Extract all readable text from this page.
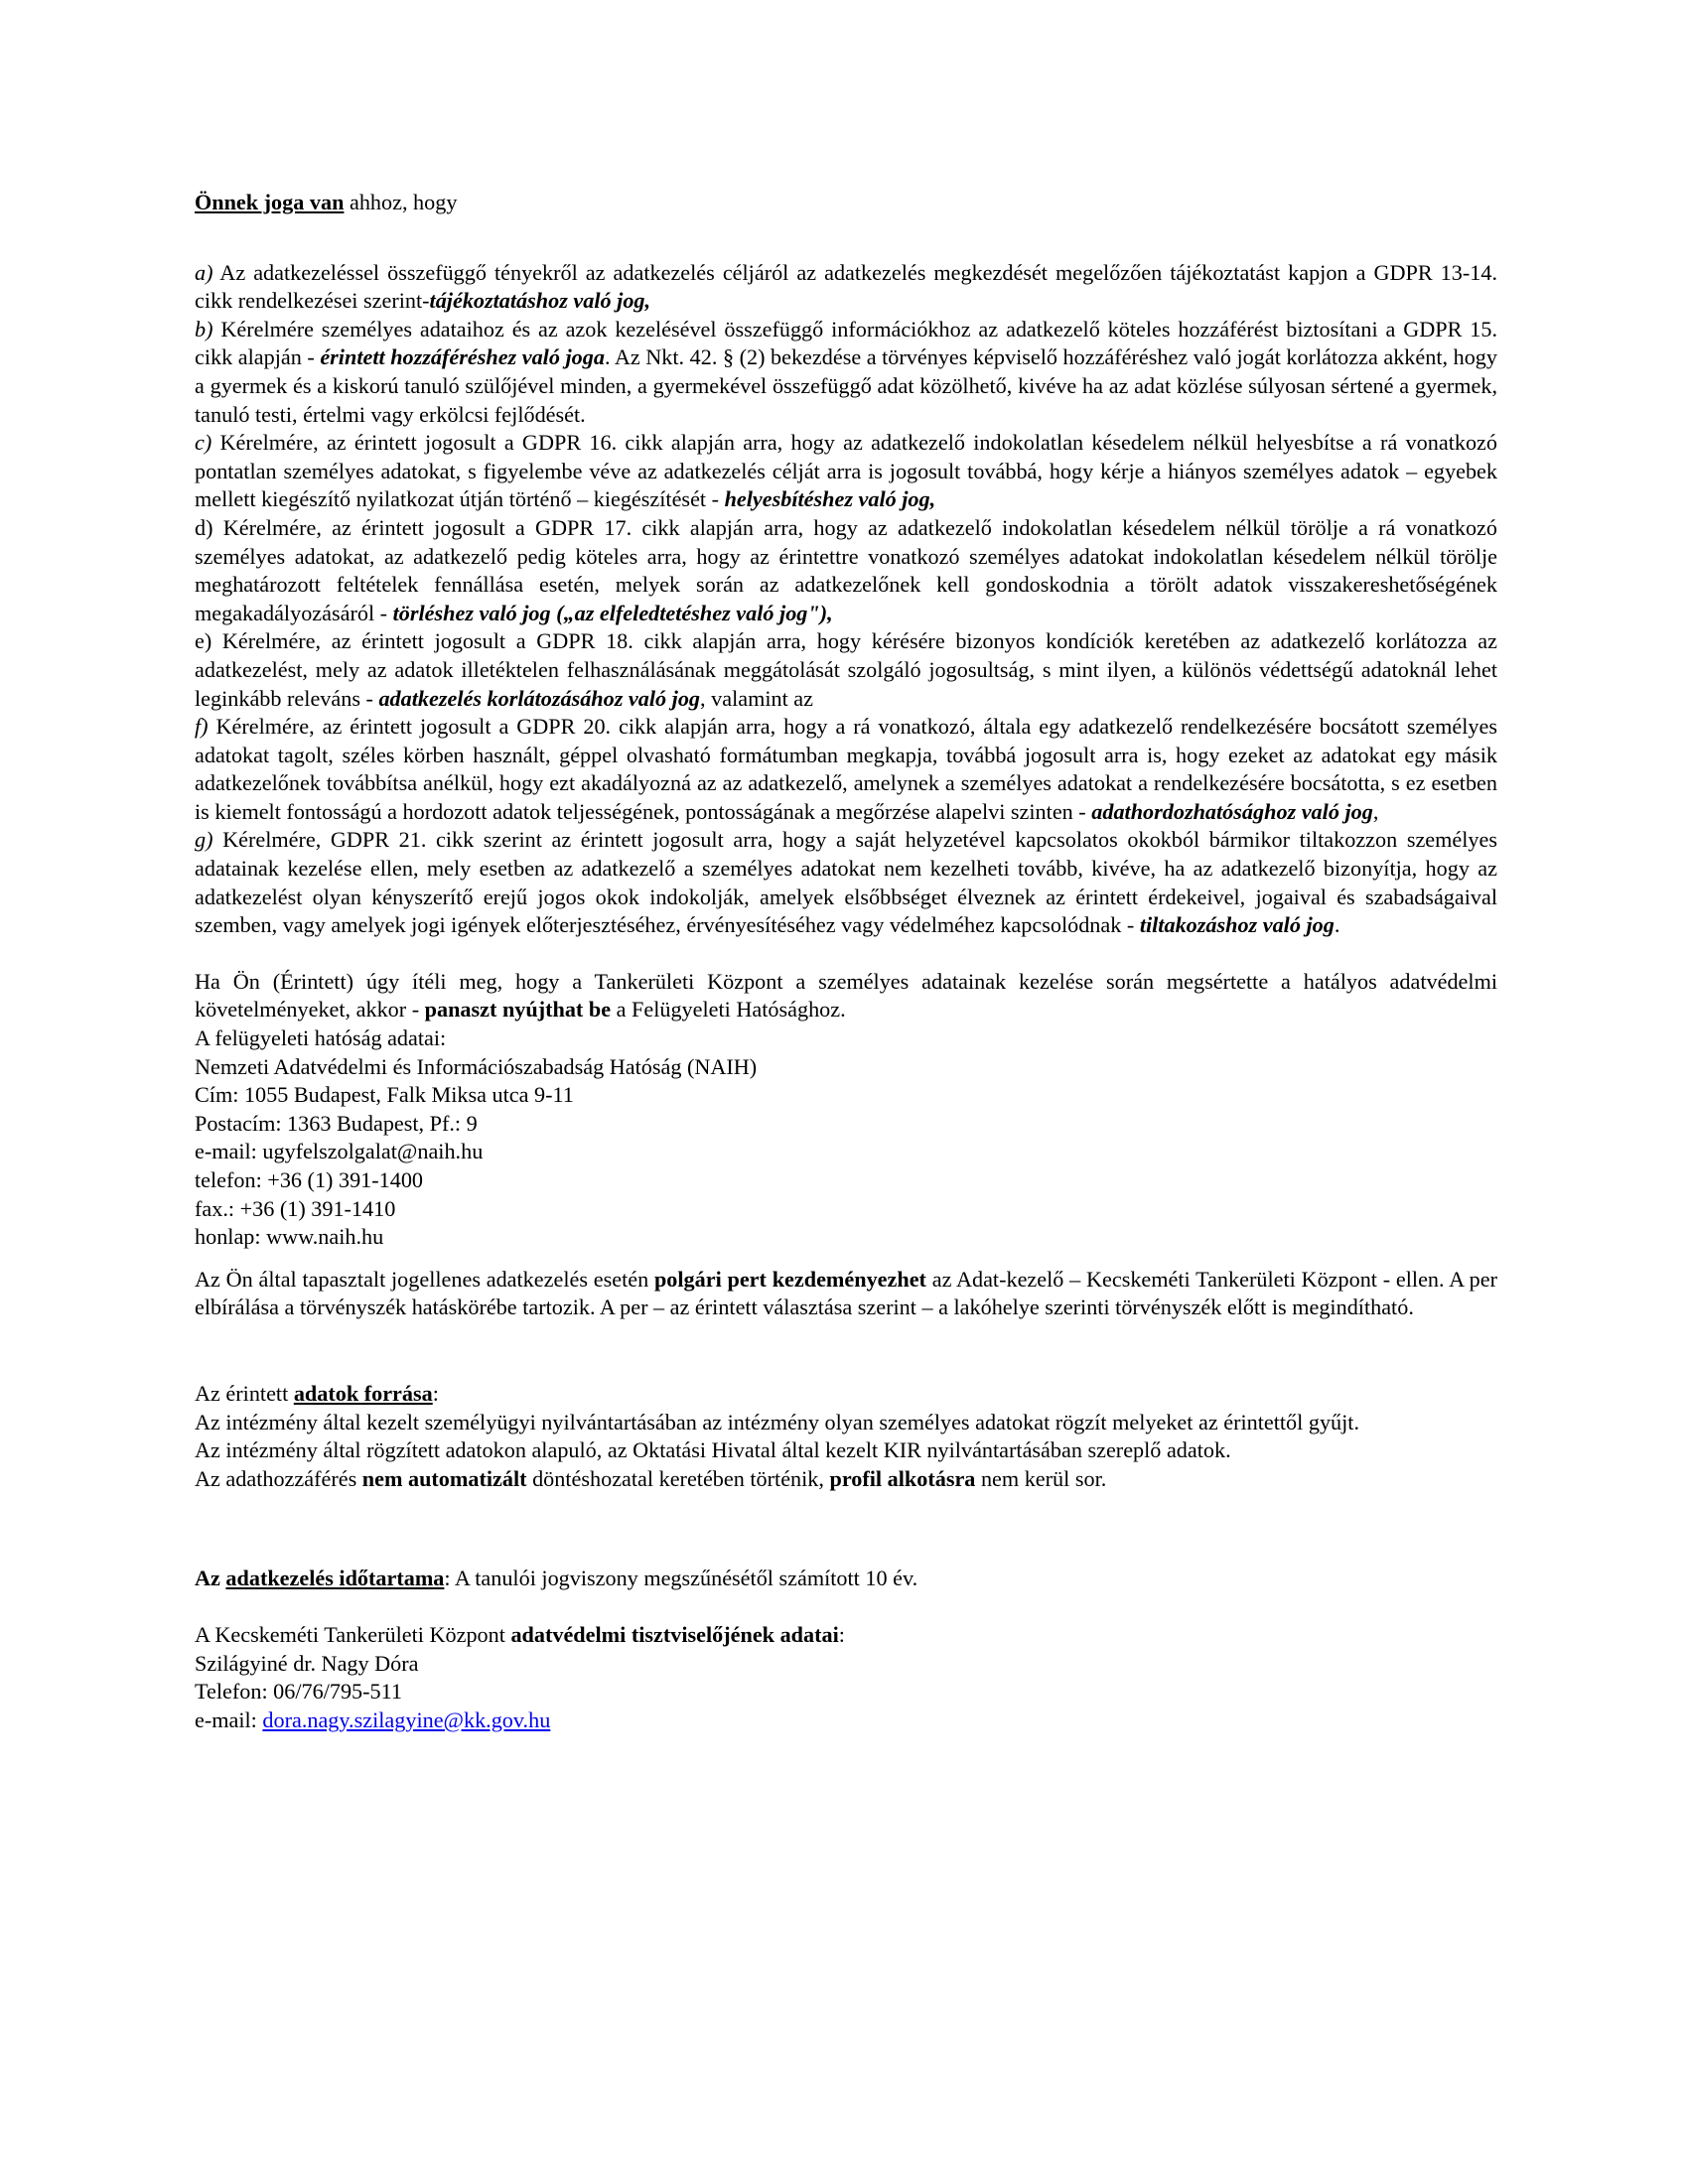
Önnek joga van ahhoz, hogy

a) Az adatkezeléssel összefüggő tényekről az adatkezelés céljáról az adatkezelés megkezdését megelőzően tájékoztatást kapjon a GDPR 13-14. cikk rendelkezései szerint-tájékoztatáshoz való jog,

b) Kérelmére személyes adataihoz és az azok kezelésével összefüggő információkhoz az adatkezelő köteles hozzáférést biztosítani a GDPR 15. cikk alapján - érintett hozzáféréshez való joga. Az Nkt. 42. § (2) bekezdése a törvényes képviselő hozzáféréshez való jogát korlátozza akként, hogy a gyermek és a kiskorú tanuló szülőjével minden, a gyermekével összefüggő adat közölhető, kivéve ha az adat közlése súlyosan sértené a gyermek, tanuló testi, értelmi vagy erkölcsi fejlődését.

c) Kérelmére, az érintett jogosult a GDPR 16. cikk alapján arra, hogy az adatkezelő indokolatlan késedelem nélkül helyesbítse a rá vonatkozó pontatlan személyes adatokat, s figyelembe véve az adatkezelés célját arra is jogosult továbbá, hogy kérje a hiányos személyes adatok – egyebek mellett kiegészítő nyilatkozat útján történő – kiegészítését - helyesbítéshez való jog,

d) Kérelmére, az érintett jogosult a GDPR 17. cikk alapján arra, hogy az adatkezelő indokolatlan késedelem nélkül törölje a rá vonatkozó személyes adatokat, az adatkezelő pedig köteles arra, hogy az érintettre vonatkozó személyes adatokat indokolatlan késedelem nélkül törölje meghatározott feltételek fennállása esetén, melyek során az adatkezelőnek kell gondoskodnia a törölt adatok visszakereshetőségének megakadályozásáról - törléshez való jog („az elfeledtetéshez való jog"),

e) Kérelmére, az érintett jogosult a GDPR 18. cikk alapján arra, hogy kérésére bizonyos kondíciók keretében az adatkezelő korlátozza az adatkezelést, mely az adatok illetéktelen felhasználásának meggátolását szolgáló jogosultság, s mint ilyen, a különös védettségű adatoknál lehet leginkább releváns - adatkezelés korlátozásához való jog, valamint az

f) Kérelmére, az érintett jogosult a GDPR 20. cikk alapján arra, hogy a rá vonatkozó, általa egy adatkezelő rendelkezésére bocsátott személyes adatokat tagolt, széles körben használt, géppel olvasható formátumban megkapja, továbbá jogosult arra is, hogy ezeket az adatokat egy másik adatkezelőnek továbbítsa anélkül, hogy ezt akadályozná az az adatkezelő, amelynek a személyes adatokat a rendelkezésére bocsátotta, s ez esetben is kiemelt fontosságú a hordozott adatok teljességének, pontosságának a megőrzése alapelvi szinten - adathordozhatósághoz való jog,

g) Kérelmére, GDPR 21. cikk szerint az érintett jogosult arra, hogy a saját helyzetével kapcsolatos okokból bármikor tiltakozzon személyes adatainak kezelése ellen, mely esetben az adatkezelő a személyes adatokat nem kezelheti tovább, kivéve, ha az adatkezelő bizonyítja, hogy az adatkezelést olyan kényszerítő erejű jogos okok indokolják, amelyek elsőbbséget élveznek az érintett érdekeivel, jogaival és szabadságaival szemben, vagy amelyek jogi igények előterjesztéséhez, érvényesítéséhez vagy védelméhez kapcsolódnak - tiltakozáshoz való jog.

Ha Ön (Érintett) úgy ítéli meg, hogy a Tankerületi Központ a személyes adatainak kezelése során megsértette a hatályos adatvédelmi követelményeket, akkor - panaszt nyújthat be a Felügyeleti Hatósághoz.

A felügyeleti hatóság adatai:
Nemzeti Adatvédelmi és Információszabadság Hatóság (NAIH)
Cím: 1055 Budapest, Falk Miksa utca 9-11
Postacím: 1363 Budapest, Pf.: 9
e-mail: ugyfelszolgalat@naih.hu
telefon: +36 (1) 391-1400
fax.: +36 (1) 391-1410
honlap: www.naih.hu

Az Ön által tapasztalt jogellenes adatkezelés esetén polgári pert kezdeményezhet az Adat-kezelő – Kecskeméti Tankerületi Központ - ellen. A per elbírálása a törvényszék hatáskörébe tartozik. A per – az érintett választása szerint – a lakóhelye szerinti törvényszék előtt is megindítható.

Az érintett adatok forrása:

Az intézmény által kezelt személyügyi nyilvántartásában az intézmény olyan személyes adatokat rögzít melyeket az érintettől gyűjt.

Az intézmény által rögzített adatokon alapuló, az Oktatási Hivatal által kezelt KIR nyilvántartásában szereplő adatok.

Az adathozzáférés nem automatizált döntéshozatal keretében történik, profil alkotásra nem kerül sor.

Az adatkezelés időtartama: A tanulói jogviszony megszűnésétől számított 10 év.

A Kecskeméti Tankerületi Központ adatvédelmi tisztviselőjének adatai:

Szilágyiné dr. Nagy Dóra
Telefon: 06/76/795-511
e-mail: dora.nagy.szilagyine@kk.gov.hu
